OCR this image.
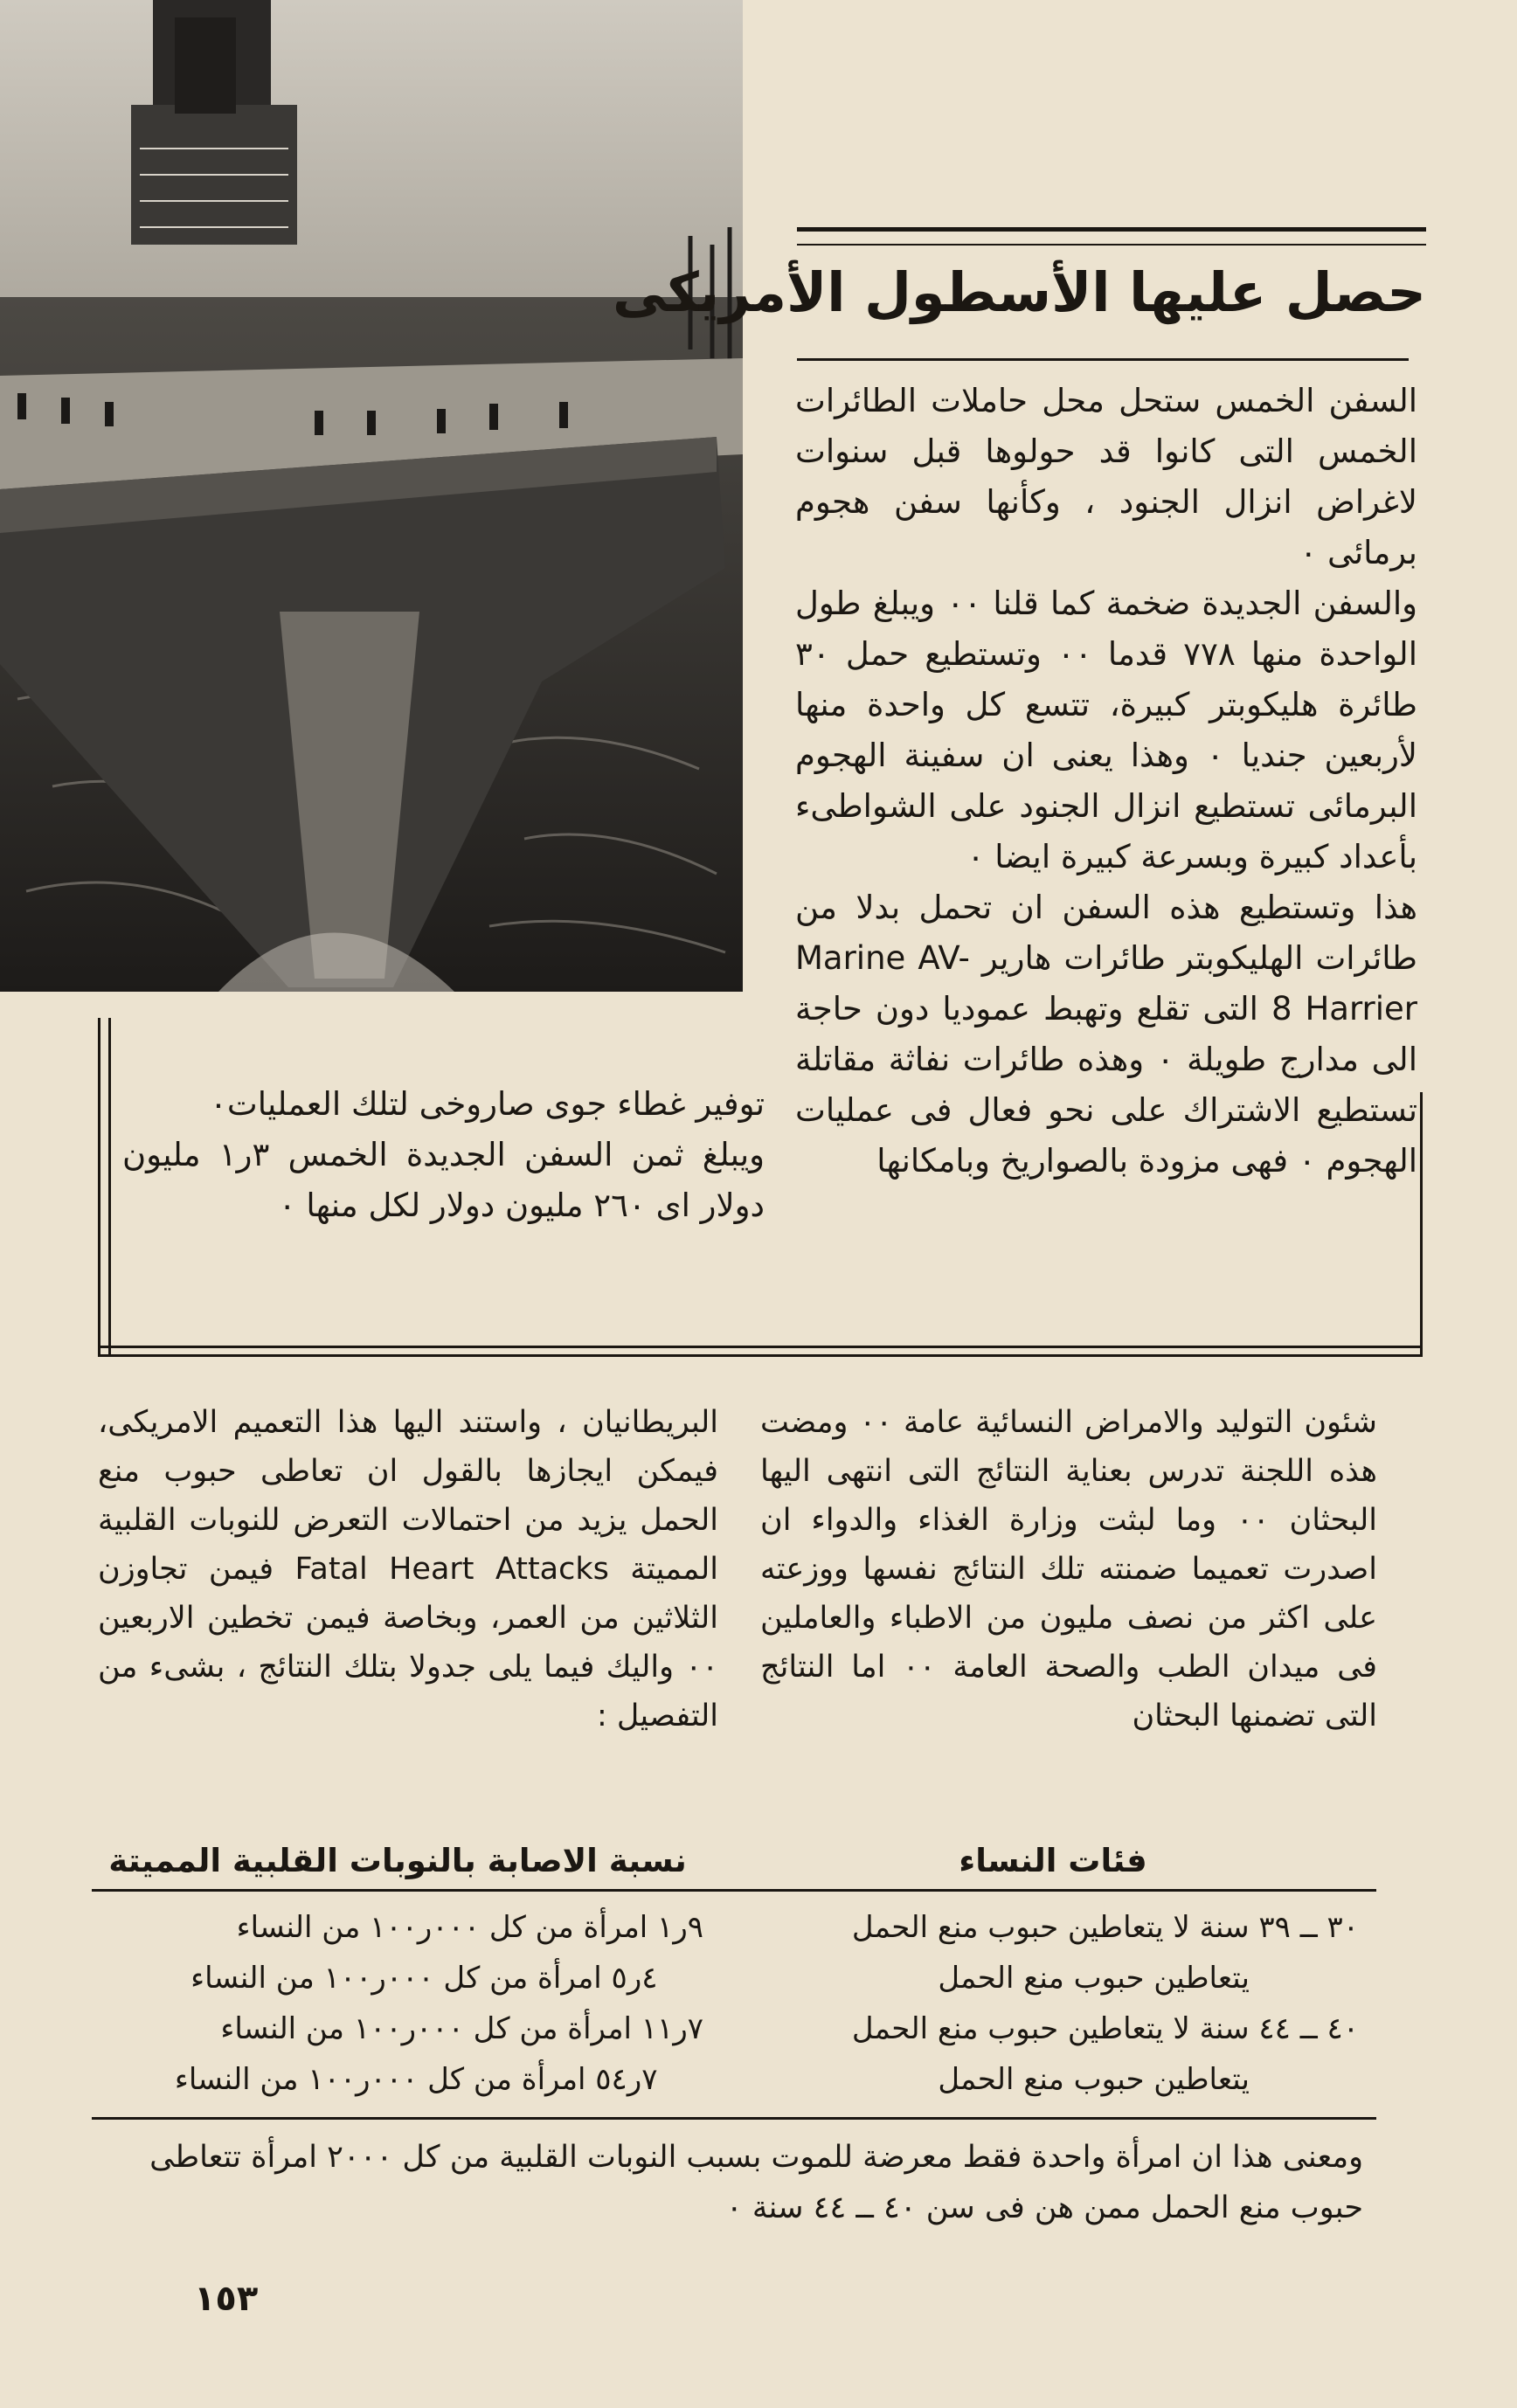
حصل عليها الأسطول الأمريكى

السفن الخمس ستحل محل حاملات الطائرات الخمس التى كانوا قد حولوها قبل سنوات لاغراض انزال الجنود ، وكأنها سفن هجوم برمائى ٠

والسفن الجديدة ضخمة كما قلنا ٠٠ ويبلغ طول الواحدة منها ٧٧٨ قدما ٠٠ وتستطيع حمل ٣٠ طائرة هليكوبتر كبيرة، تتسع كل واحدة منها لأربعين جنديا ٠ وهذا يعنى ان سفينة الهجوم البرمائى تستطيع انزال الجنود على الشواطىء بأعداد كبيرة وبسرعة كبيرة ايضا ٠

هذا وتستطيع هذه السفن ان تحمل بدلا من طائرات الهليكوبتر طائرات هارير Marine AV-8 Harrier التى تقلع وتهبط عموديا دون حاجة الى مدارج طويلة ٠ وهذه طائرات نفاثة مقاتلة تستطيع الاشتراك على نحو فعال فى عمليات الهجوم ٠ فهى مزودة بالصواريخ وبامكانها

توفير غطاء جوى صاروخى لتلك العمليات٠

ويبلغ ثمن السفن الجديدة الخمس ٣ر١ مليون دولار اى ٢٦٠ مليون دولار لكل منها ٠

شئون التوليد والامراض النسائية عامة ٠٠ ومضت هذه اللجنة تدرس بعناية النتائج التى انتهى اليها البحثان ٠٠ وما لبثت وزارة الغذاء والدواء ان اصدرت تعميما ضمنته تلك النتائج نفسها ووزعته على اكثر من نصف مليون من الاطباء والعاملين فى ميدان الطب والصحة العامة ٠٠ اما النتائج التى تضمنها البحثان

البريطانيان ، واستند اليها هذا التعميم الامريكى، فيمكن ايجازها بالقول ان تعاطى حبوب منع الحمل يزيد من احتمالات التعرض للنوبات القلبية المميتة Fatal Heart Attacks فيمن تجاوزن الثلاثين من العمر، وبخاصة فيمن تخطين الاربعين ٠٠ واليك فيما يلى جدولا بتلك النتائج ، بشىء من التفصيل :

فئات النساء
نسبة الاصابة بالنوبات القلبية المميتة
٣٠ ــ ٣٩ سنة لا يتعاطين حبوب منع الحمل
٩ر١ امرأة من كل ٠٠٠ر١٠٠ من النساء
يتعاطين حبوب منع الحمل
٤ر٥ امرأة من كل ٠٠٠ر١٠٠ من النساء
٤٠ ــ ٤٤ سنة لا يتعاطين حبوب منع الحمل
٧ر١١ امرأة من كل ٠٠٠ر١٠٠ من النساء
يتعاطين حبوب منع الحمل
٧ر٥٤ امرأة من كل ٠٠٠ر١٠٠ من النساء

ومعنى هذا ان امرأة واحدة فقط معرضة للموت بسبب النوبات القلبية من كل ٢٠٠٠ امرأة تتعاطى حبوب منع الحمل ممن هن فى سن ٤٠ ــ ٤٤ سنة ٠

١٥٣
